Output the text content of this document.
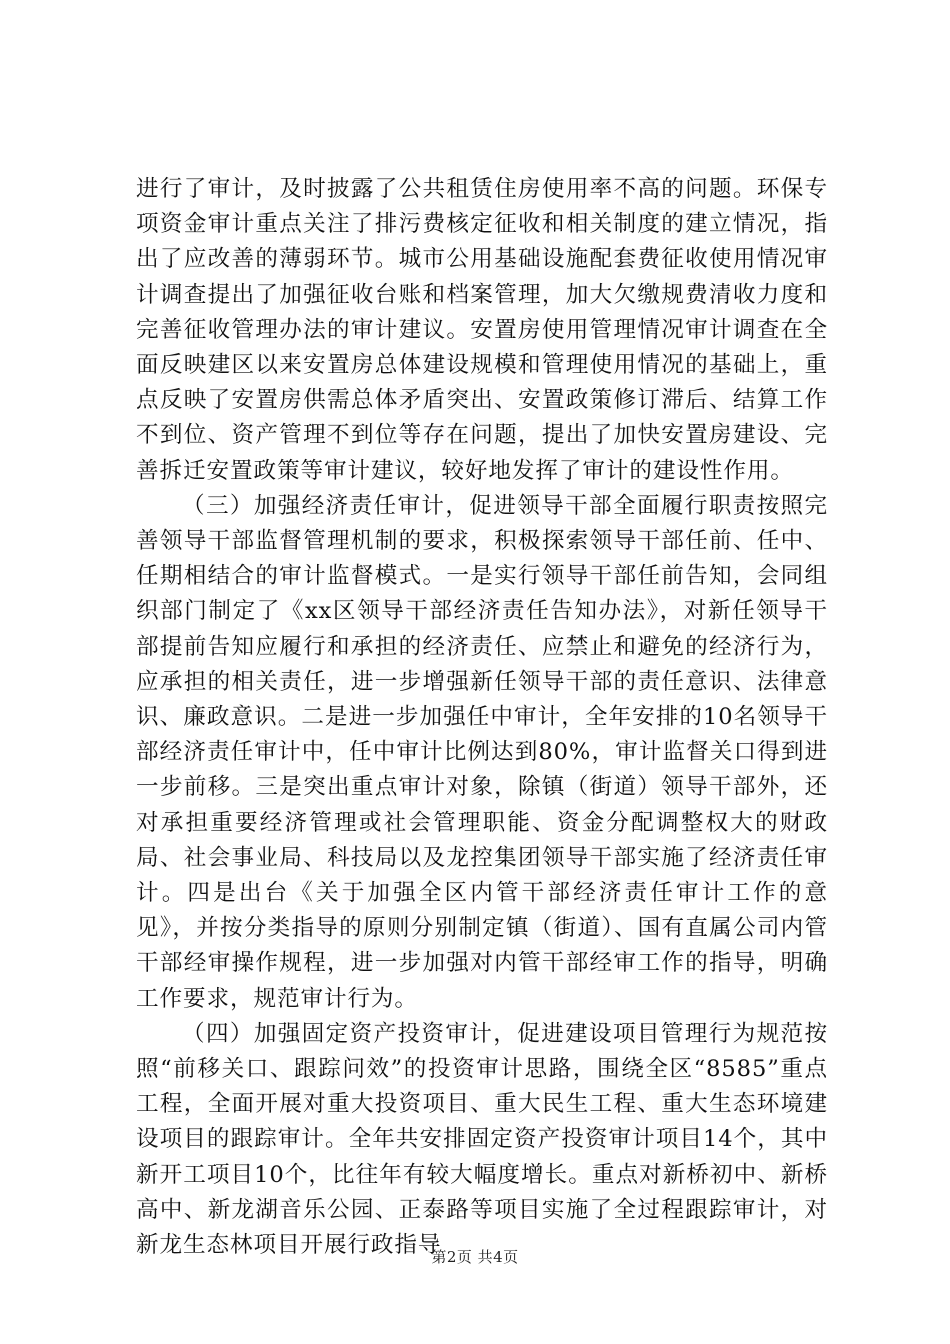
进行了审计，及时披露了公共租赁住房使用率不高的问题。环保专项资金审计重点关注了排污费核定征收和相关制度的建立情况，指出了应改善的薄弱环节。城市公用基础设施配套费征收使用情况审计调查提出了加强征收台账和档案管理，加大欠缴规费清收力度和完善征收管理办法的审计建议。安置房使用管理情况审计调查在全面反映建区以来安置房总体建设规模和管理使用情况的基础上，重点反映了安置房供需总体矛盾突出、安置政策修订滞后、结算工作不到位、资产管理不到位等存在问题，提出了加快安置房建设、完善拆迁安置政策等审计建议，较好地发挥了审计的建设性作用。

（三）加强经济责任审计，促进领导干部全面履行职责按照完善领导干部监督管理机制的要求，积极探索领导干部任前、任中、任期相结合的审计监督模式。一是实行领导干部任前告知，会同组织部门制定了《xx区领导干部经济责任告知办法》，对新任领导干部提前告知应履行和承担的经济责任、应禁止和避免的经济行为，应承担的相关责任，进一步增强新任领导干部的责任意识、法律意识、廉政意识。二是进一步加强任中审计，全年安排的10名领导干部经济责任审计中，任中审计比例达到80%，审计监督关口得到进一步前移。三是突出重点审计对象，除镇（街道）领导干部外，还对承担重要经济管理或社会管理职能、资金分配调整权大的财政局、社会事业局、科技局以及龙控集团领导干部实施了经济责任审计。四是出台《关于加强全区内管干部经济责任审计工作的意见》，并按分类指导的原则分别制定镇（街道）、国有直属公司内管干部经审操作规程，进一步加强对内管干部经审工作的指导，明确工作要求，规范审计行为。

（四）加强固定资产投资审计，促进建设项目管理行为规范按照“前移关口、跟踪问效”的投资审计思路，围绕全区“8585”重点工程，全面开展对重大投资项目、重大民生工程、重大生态环境建设项目的跟踪审计。全年共安排固定资产投资审计项目14个，其中新开工项目10个，比往年有较大幅度增长。重点对新桥初中、新桥高中、新龙湖音乐公园、正泰路等项目实施了全过程跟踪审计，对新龙生态林项目开展行政指导

第2页 共4页
